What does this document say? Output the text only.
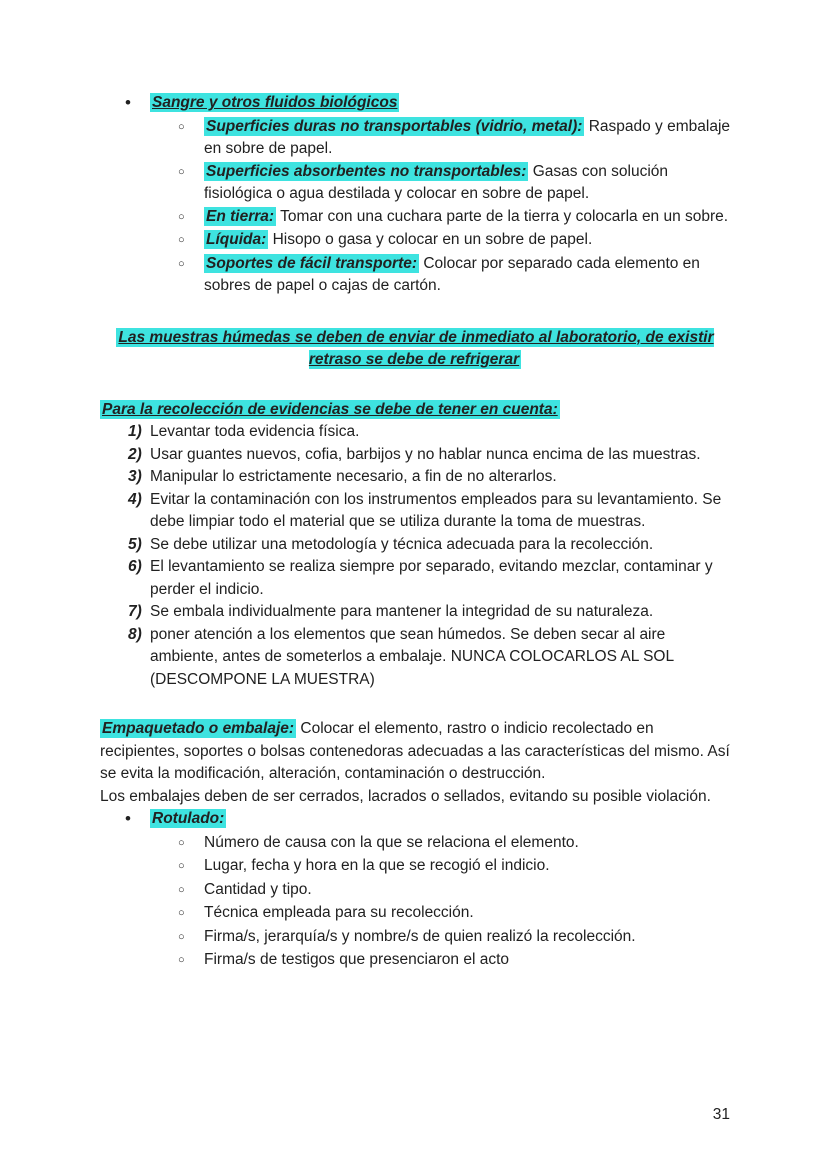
•
Sangre y otros fluidos biológicos
○

Superficies duras no transportables (vidrio, metal): Raspado y embalaje en sobre de papel.

○

Superficies absorbentes no transportables: Gasas con solución fisiológica o agua destilada y colocar en sobre de papel.

○

En tierra: Tomar con una cuchara parte de la tierra y colocarla en un sobre.

○

Líquida: Hisopo o gasa y colocar en un sobre de papel.

○

Soportes de fácil transporte: Colocar por separado cada elemento en sobres de papel o cajas de cartón.

Las muestras húmedas se deben de enviar de inmediato al laboratorio, de existir retraso se debe de refrigerar

Para la recolección de evidencias se debe de tener en cuenta:

1) Levantar toda evidencia física.

2) Usar guantes nuevos, cofia, barbijos y no hablar nunca encima de las muestras.

3) Manipular lo estrictamente necesario, a fin de no alterarlos.

4) Evitar la contaminación con los instrumentos empleados para su levantamiento. Se debe limpiar todo el material que se utiliza durante la toma de muestras.

5) Se debe utilizar una metodología y técnica adecuada para la recolección.

6) El levantamiento se realiza siempre por separado, evitando mezclar, contaminar y perder el indicio.

7) Se embala individualmente para mantener la integridad de su naturaleza.

8) poner atención a los elementos que sean húmedos. Se deben secar al aire ambiente, antes de someterlos a embalaje. NUNCA COLOCARLOS AL SOL (DESCOMPONE LA MUESTRA)

Empaquetado o embalaje: Colocar el elemento, rastro o indicio recolectado en recipientes, soportes o bolsas contenedoras adecuadas a las características del mismo. Así se evita la modificación, alteración, contaminación o destrucción.

Los embalajes deben de ser cerrados, lacrados o sellados, evitando su posible violación.

•
Rotulado:
○

Número de causa con la que se relaciona el elemento.

○

Lugar, fecha y hora en la que se recogió el indicio.

○

Cantidad y tipo.

○

Técnica empleada para su recolección.

○

Firma/s, jerarquía/s y nombre/s de quien realizó la recolección.

○

Firma/s de testigos que presenciaron el acto

31
